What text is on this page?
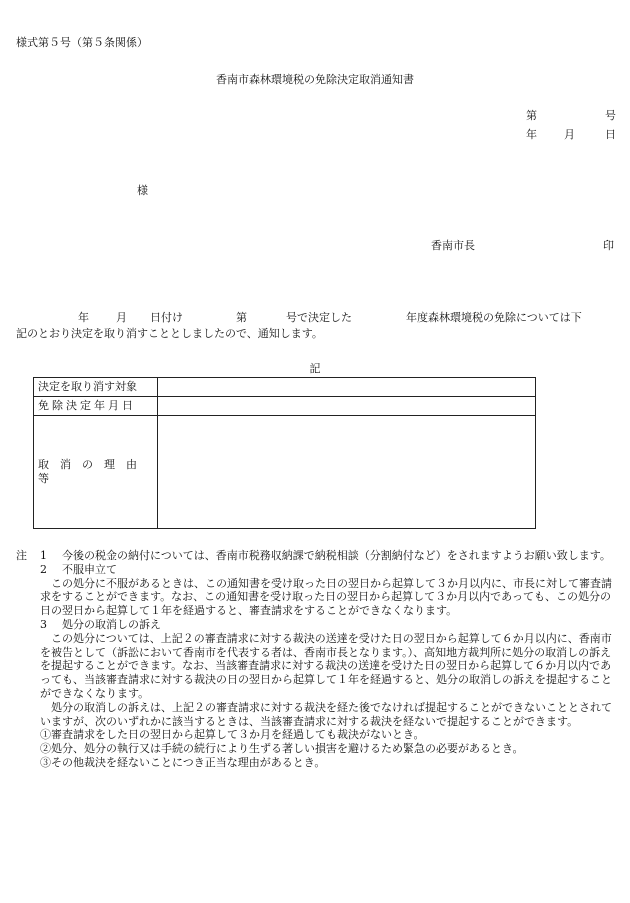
様式第５号（第５条関係）
香南市森林環境税の免除決定取消通知書
第	号
年 月	日
様
香南市長	印
年 月 日付け	第	号で決定した	年度森林環境税の免除については下
記のとおり決定を取り消すこととしましたので、通知します。
記
決定を取り消す対象	
免除決定年月日	
取消の理由等	
注 1 今後の税金の納付については、香南市税務収納課で納税相談（分割納付など）をされますようお願い致します。
2 不服申立て
この処分に不服があるときは、この通知書を受け取った日の翌日から起算して３か月以内に、市長に対して審査請求をすることができます。なお、この通知書を受け取った日の翌日から起算して３か月以内であっても、この処分の日の翌日から起算して１年を経過すると、審査請求をすることができなくなります。
3 処分の取消しの訴え
この処分については、上記２の審査請求に対する裁決の送達を受けた日の翌日から起算して６か月以内に、香南市を被告として（訴訟において香南市を代表する者は、香南市長となります。）、高知地方裁判所に処分の取消しの訴えを提起することができます。なお、当該審査請求に対する裁決の送達を受けた日の翌日から起算して６か月以内であっても、当該審査請求に対する裁決の日の翌日から起算して１年を経過すると、処分の取消しの訴えを提起することができなくなります。
処分の取消しの訴えは、上記２の審査請求に対する裁決を経た後でなければ提起することができないこととされていますが、次のいずれかに該当するときは、当該審査請求に対する裁決を経ないで提起することができます。
①審査請求をした日の翌日から起算して３か月を経過しても裁決がないとき。
②処分、処分の執行又は手続の続行により生ずる著しい損害を避けるため緊急の必要があるとき。
③その他裁決を経ないことにつき正当な理由があるとき。
